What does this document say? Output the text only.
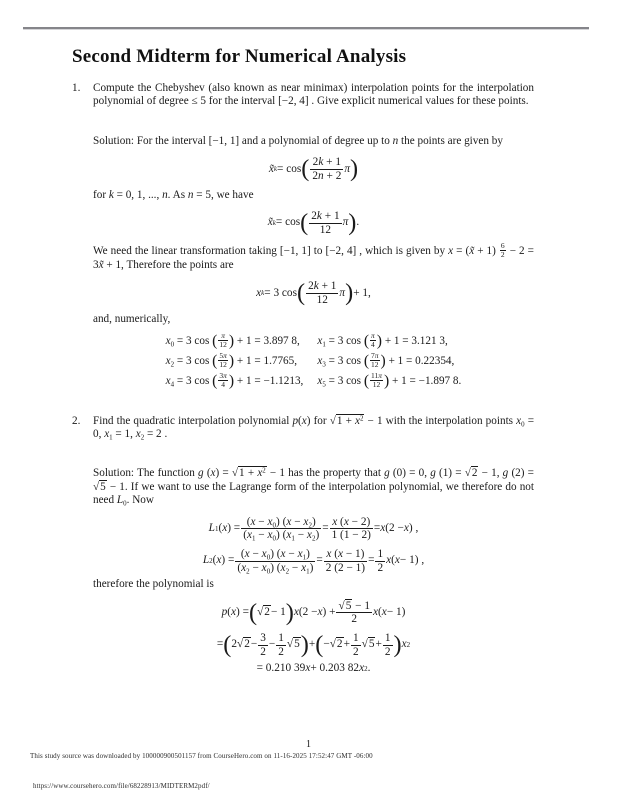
Second Midterm for Numerical Analysis
1.	Compute the Chebyshev (also known as near minimax) interpolation points for the interpolation polynomial of degree ≤ 5 for the interval [−2, 4] . Give explicit numerical values for these points.

Solution: For the interval [−1, 1] and a polynomial of degree up to n the points are given by

x̃ k = cos ( 2k + 1
2n + 2
π )

for k = 0, 1, ..., n. As n = 5, we have

x̃ k = cos ( 2k + 1
12
π ) .

We need the linear transformation taking [−1, 1] to [−2, 4] , which is given by x = (x̃ + $1) \frac{6}{2} - 2$ = 3x̃ + 1, Therefore the points are

x k = 3 cos ( 2k + 1
12
π ) + 1,

and, numerically,

$x_0 = 3$ cos ( $\frac{\pi}{12}$ ) + 1 = 3.897 8,	$x_1 = 3$ cos ( $\frac{\pi}{4}$ ) + 1 = 3.121 3,
$x_2 = 3$ cos ( $\frac{5\pi}{12}$ ) + 1 = 1.7765,	$x_3 = 3$ cos ( $\frac{7\pi}{12}$ ) + 1 = 0.22354,
$x_4 = 3$ cos ( $\frac{3\pi}{4}$ ) + 1 = −1.1213, $x_5 = 3$ cos ( $\frac{11\pi}{12}$ ) + 1 = −1.897 8.
2.	Find the quadratic interpolation polynomial p(x) for $√1 + x^2 - 1$ with the interpolation points $x_0 = 0$, $x_1 = 1$, $x_2 = 2$ .

Solution: The function g $(x) = √1 + x^2 - 1$ has the property that g (0) = 0, g (1) = √2 − 1, g (2) = √5 − 1. If we want to use the Lagrange form of the interpolation polynomial, we therefore do not need $L_0$. Now

L 1 ( x ) =
$(x - x_0)$ $(x - x_2)$
$(x_1 - x_0) (x_1 - x_2)$
=
x (x − 2)
1 (1 − 2)
= x (2 − x ) ,
L 2 ( x ) =
$(x - x_0)$ $(x - x_1)$
$(x_2 - x_0) (x_2 - x_1)$
=
x (x − 1)
2 (2 − 1)
=
1
2
x ( x − 1) ,

therefore the polynomial is

p ( x ) = ( √2 − 1 ) x (2 − x ) +
√5 − 1
2
x ( x − 1)
= ( 2 √2 −
3
2
−
1
2
√5 ) + ( − √2 +
1
2
√5 +
1
2 ) x 2
= 0.210 39 x + 0.203 82 x 2 .
1
This study source was downloaded by 100000900501157 from CourseHero.com on 11-16-2025 17:52:47 GMT -06:00
https://www.coursehero.com/file/68228913/MIDTERM2pdf/
